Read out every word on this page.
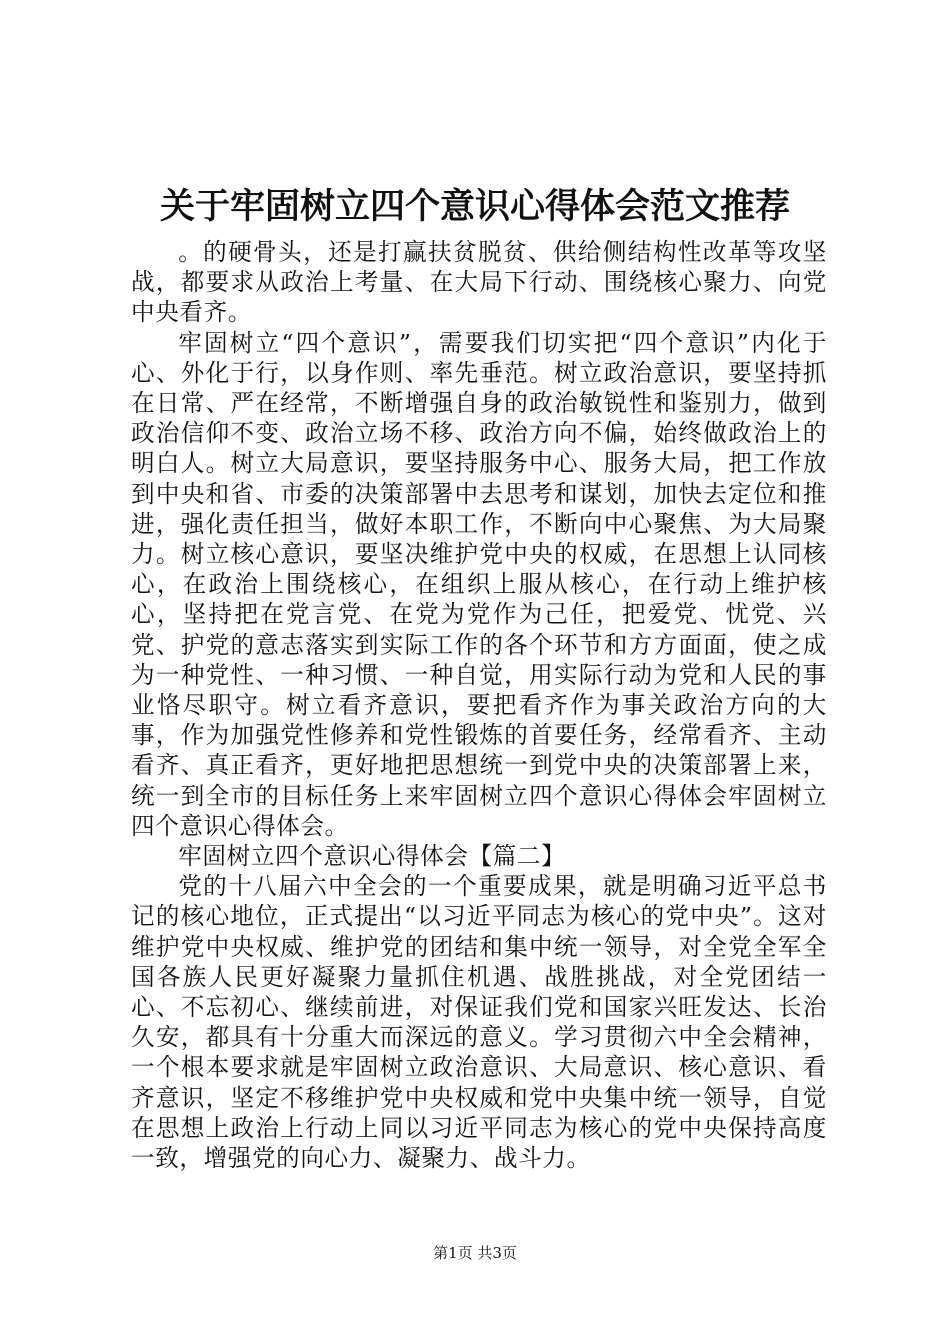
关于牢固树立四个意识心得体会范文推荐

。的硬骨头，还是打赢扶贫脱贫、供给侧结构性改革等攻坚战，都要求从政治上考量、在大局下行动、围绕核心聚力、向党中央看齐。

牢固树立“四个意识”，需要我们切实把“四个意识”内化于心、外化于行，以身作则、率先垂范。树立政治意识，要坚持抓在日常、严在经常，不断增强自身的政治敏锐性和鉴别力，做到政治信仰不变、政治立场不移、政治方向不偏，始终做政治上的明白人。树立大局意识，要坚持服务中心、服务大局，把工作放到中央和省、市委的决策部署中去思考和谋划，加快去定位和推进，强化责任担当，做好本职工作，不断向中心聚焦、为大局聚力。树立核心意识，要坚决维护党中央的权威，在思想上认同核心，在政治上围绕核心，在组织上服从核心，在行动上维护核心，坚持把在党言党、在党为党作为己任，把爱党、忧党、兴党、护党的意志落实到实际工作的各个环节和方方面面，使之成为一种党性、一种习惯、一种自觉，用实际行动为党和人民的事业恪尽职守。树立看齐意识，要把看齐作为事关政治方向的大事，作为加强党性修养和党性锻炼的首要任务，经常看齐、主动看齐、真正看齐，更好地把思想统一到党中央的决策部署上来，统一到全市的目标任务上来牢固树立四个意识心得体会牢固树立四个意识心得体会。

牢固树立四个意识心得体会【篇二】

党的十八届六中全会的一个重要成果，就是明确习近平总书记的核心地位，正式提出“以习近平同志为核心的党中央”。这对维护党中央权威、维护党的团结和集中统一领导，对全党全军全国各族人民更好凝聚力量抓住机遇、战胜挑战，对全党团结一心、不忘初心、继续前进，对保证我们党和国家兴旺发达、长治久安，都具有十分重大而深远的意义。学习贯彻六中全会精神，一个根本要求就是牢固树立政治意识、大局意识、核心意识、看齐意识，坚定不移维护党中央权威和党中央集中统一领导，自觉在思想上政治上行动上同以习近平同志为核心的党中央保持高度一致，增强党的向心力、凝聚力、战斗力。

第1页 共3页
